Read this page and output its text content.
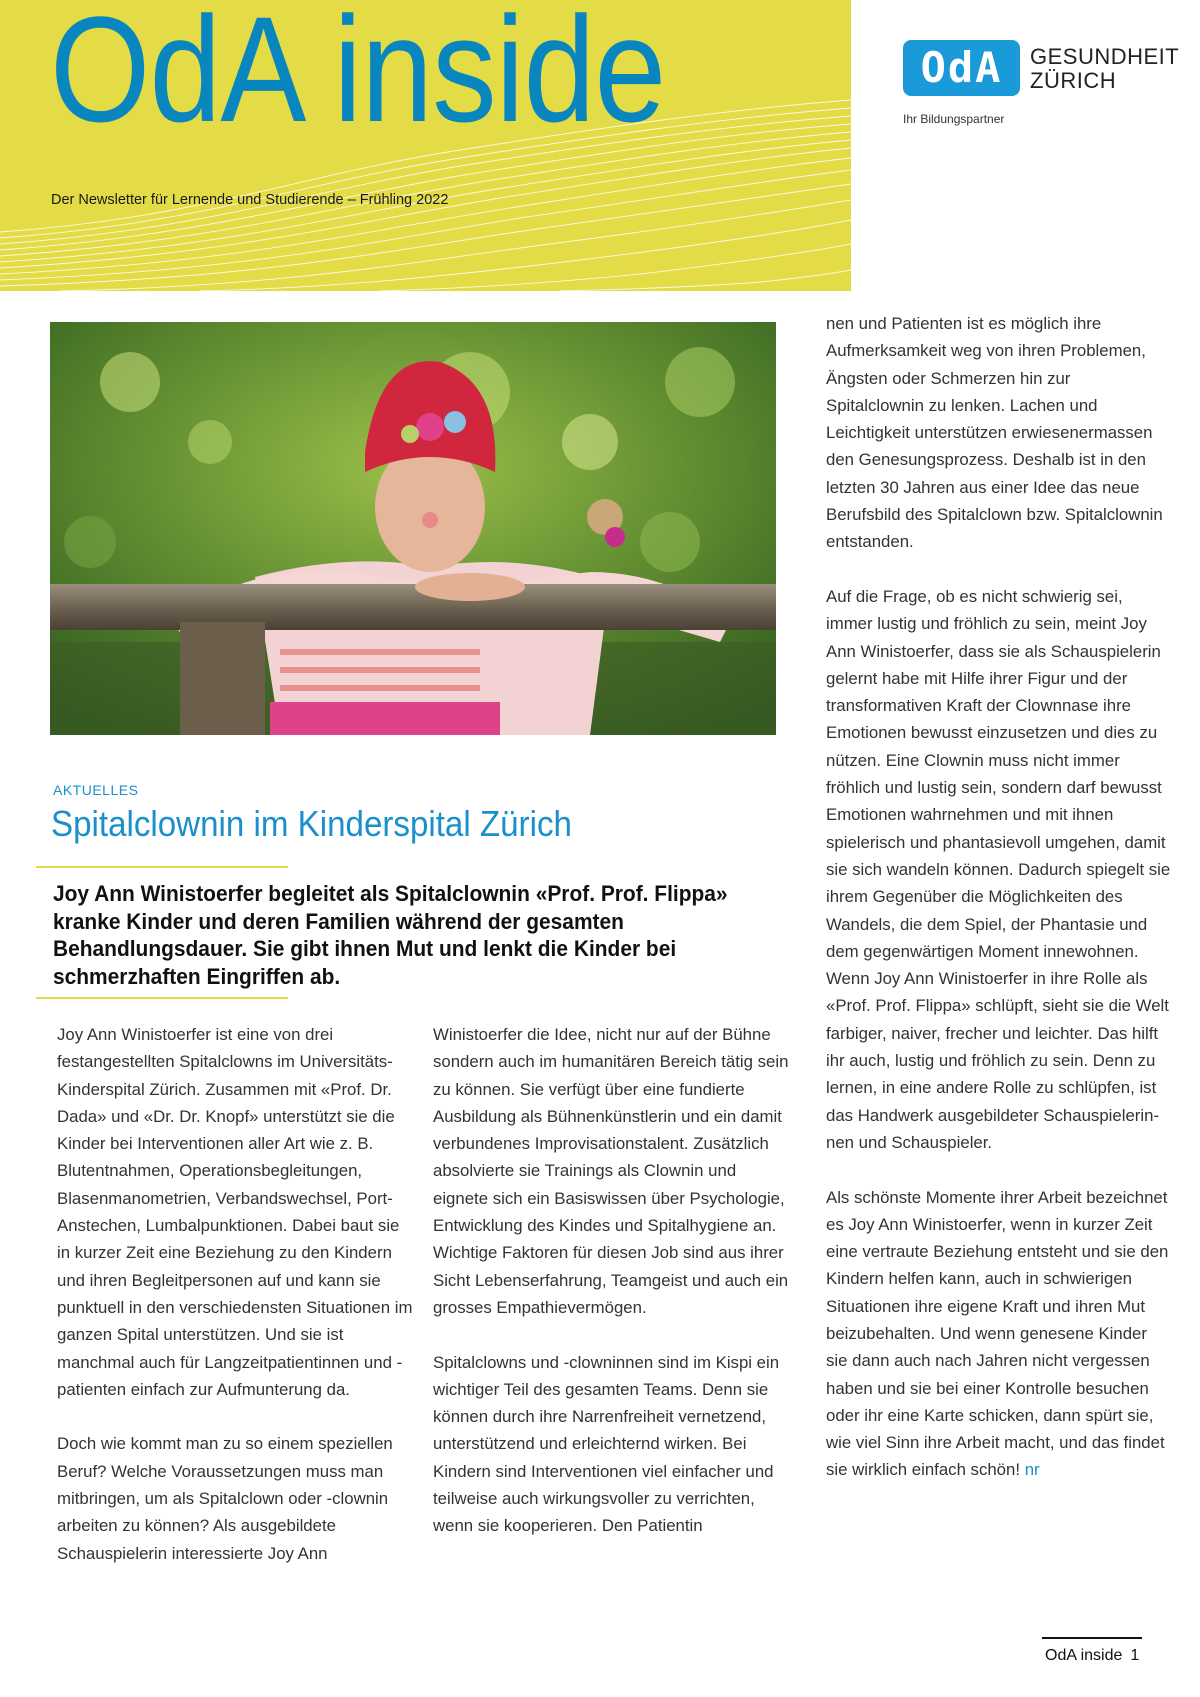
OdA inside
Der Newsletter für Lernende und Studierende – Frühling 2022
OdA	GESUNDHEIT
ZÜRICH
Ihr Bildungspartner
AKTUELLES
Spitalclownin im Kinderspital Zürich

Joy Ann Winistoerfer begleitet als Spitalclownin «Prof. Prof. Flippa» kranke Kinder und deren Familien während der gesamten Behandlungsdauer. Sie gibt ihnen Mut und lenkt die Kinder bei schmerzhaften Eingriffen ab.

Joy Ann Winistoerfer ist eine von drei festangestellten Spitalclowns im Universitäts-Kinderspital Zürich. Zusammen mit «Prof. Dr. Dada» und «Dr. Dr. Knopf» unterstützt sie die Kinder bei Interventionen aller Art wie z. B. Blutentnahmen, Operationsbegleitungen, Blasenmanometrien, Verbandswechsel, Port-Anstechen, Lumbalpunktionen. Dabei baut sie in kurzer Zeit eine Beziehung zu den Kindern und ihren Begleitpersonen auf und kann sie punktuell in den verschiedensten Situationen im ganzen Spital unterstützen. Und sie ist manchmal auch für Langzeitpatientinnen und -patienten einfach zur Aufmunterung da.

Doch wie kommt man zu so einem speziellen Beruf? Welche Voraussetzungen muss man mitbringen, um als Spitalclown oder -clownin arbeiten zu können? Als ausgebildete Schauspielerin interessierte Joy Ann

Winistoerfer die Idee, nicht nur auf der Bühne sondern auch im humanitären Bereich tätig sein zu können. Sie verfügt über eine fundierte Ausbildung als Bühnenkünstlerin und ein damit verbundenes Improvisationstalent. Zusätzlich absolvierte sie Trainings als Clownin und eignete sich ein Basiswissen über Psychologie, Entwicklung des Kindes und Spitalhygiene an. Wichtige Faktoren für diesen Job sind aus ihrer Sicht Lebenserfahrung, Teamgeist und auch ein grosses Empathievermögen.

Spitalclowns und -clowninnen sind im Kispi ein wichtiger Teil des gesamten Teams. Denn sie können durch ihre Narrenfreiheit vernetzend, unterstützend und erleichternd wirken. Bei Kindern sind Interventionen viel einfacher und teilweise auch wirkungsvoller zu verrichten, wenn sie kooperieren. Den Patientin

nen und Patienten ist es möglich ihre Aufmerksamkeit weg von ihren Problemen, Ängsten oder Schmerzen hin zur Spitalclownin zu lenken. Lachen und Leichtigkeit unterstützen erwiesenermassen den Genesungsprozess. Deshalb ist in den letzten 30 Jahren aus einer Idee das neue Berufsbild des Spitalclown bzw. Spitalclownin entstanden.

Auf die Frage, ob es nicht schwierig sei, immer lustig und fröhlich zu sein, meint Joy Ann Winistoerfer, dass sie als Schauspielerin gelernt habe mit Hilfe ihrer Figur und der transformativen Kraft der Clownnase ihre Emotionen bewusst einzusetzen und dies zu nützen. Eine Clownin muss nicht immer fröhlich und lustig sein, sondern darf bewusst Emotionen wahrnehmen und mit ihnen spielerisch und phantasievoll umgehen, damit sie sich wandeln können. Dadurch spiegelt sie ihrem Gegenüber die Möglichkeiten des Wandels, die dem Spiel, der Phantasie und dem gegenwärtigen Moment innewohnen.

Wenn Joy Ann Winistoerfer in ihre Rolle als «Prof. Prof. Flippa» schlüpft, sieht sie die Welt farbiger, naiver, frecher und leichter. Das hilft ihr auch, lustig und fröhlich zu sein. Denn zu lernen, in eine andere Rolle zu schlüpfen, ist das Handwerk ausgebildeter Schauspielerinnen und Schauspieler.

Als schönste Momente ihrer Arbeit bezeichnet es Joy Ann Winistoerfer, wenn in kurzer Zeit eine vertraute Beziehung entsteht und sie den Kindern helfen kann, auch in schwierigen Situationen ihre eigene Kraft und ihren Mut beizubehalten. Und wenn genesene Kinder sie dann auch nach Jahren nicht vergessen haben und sie bei einer Kontrolle besuchen oder ihr eine Karte schicken, dann spürt sie, wie viel Sinn ihre Arbeit macht, und das findet sie wirklich einfach schön! nr

OdA inside 1
